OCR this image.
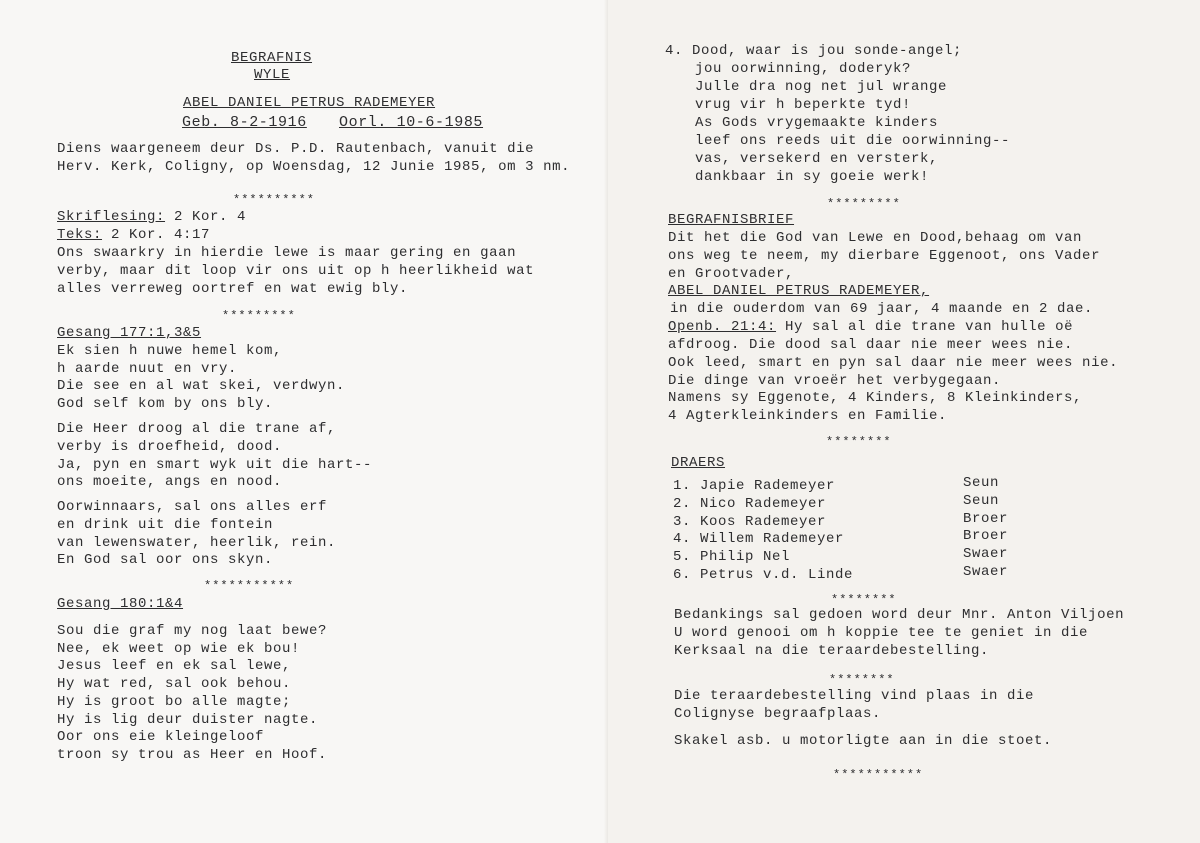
BEGRAFNIS
WYLE
ABEL DANIEL PETRUS RADEMEYER
Geb. 8-2-1916 Oorl. 10-6-1985
Diens waargeneem deur Ds. P.D. Rautenbach, vanuit die
Herv. Kerk, Coligny, op Woensdag, 12 Junie 1985, om 3 nm.
**********
Skriflesing: 2 Kor. 4
Teks: 2 Kor. 4:17
Ons swaarkry in hierdie lewe is maar gering en gaan
verby, maar dit loop vir ons uit op h heerlikheid wat
alles verreweg oortref en wat ewig bly.
*********
Gesang 177:1,3&5
Ek sien h nuwe hemel kom,
h aarde nuut en vry.
Die see en al wat skei, verdwyn.
God self kom by ons bly.
Die Heer droog al die trane af,
verby is droefheid, dood.
Ja, pyn en smart wyk uit die hart--
ons moeite, angs en nood.
Oorwinnaars, sal ons alles erf
en drink uit die fontein
van lewenswater, heerlik, rein.
En God sal oor ons skyn.
***********
Gesang 180:1&4
Sou die graf my nog laat bewe?
Nee, ek weet op wie ek bou!
Jesus leef en ek sal lewe,
Hy wat red, sal ook behou.
Hy is groot bo alle magte;
Hy is lig deur duister nagte.
Oor ons eie kleingeloof
troon sy trou as Heer en Hoof.
4. Dood, waar is jou sonde-angel;
jou oorwinning, doderyk?
Julle dra nog net jul wrange
vrug vir h beperkte tyd!
As Gods vrygemaakte kinders
leef ons reeds uit die oorwinning--
vas, versekerd en versterk,
dankbaar in sy goeie werk!
*********
BEGRAFNISBRIEF
Dit het die God van Lewe en Dood,behaag om van
ons weg te neem, my dierbare Eggenoot, ons Vader
en Grootvader,
ABEL DANIEL PETRUS RADEMEYER,
in die ouderdom van 69 jaar, 4 maande en 2 dae.
Openb. 21:4: Hy sal al die trane van hulle oë
afdroog. Die dood sal daar nie meer wees nie.
Ook leed, smart en pyn sal daar nie meer wees nie.
Die dinge van vroeër het verbygegaan.
Namens sy Eggenote, 4 Kinders, 8 Kleinkinders,
4 Agterkleinkinders en Familie.
********
DRAERS
1. Japie Rademeyer	Seun
2. Nico Rademeyer	Seun
3. Koos Rademeyer	Broer
4. Willem Rademeyer	Broer
5. Philip Nel	Swaer
6. Petrus v.d. Linde	Swaer
********
Bedankings sal gedoen word deur Mnr. Anton Viljoen
U word genooi om h koppie tee te geniet in die
Kerksaal na die teraardebestelling.
********
Die teraardebestelling vind plaas in die
Colignyse begraafplaas.
Skakel asb. u motorligte aan in die stoet.
***********
